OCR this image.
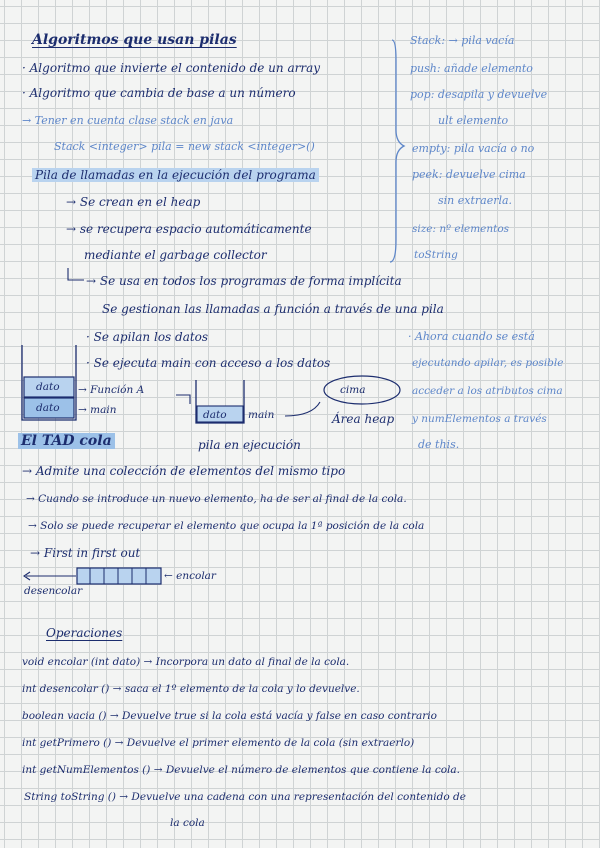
Algoritmos que usan pilas
· Algoritmo que invierte el contenido de un array
· Algoritmo que cambia de base a un número
→ Tener en cuenta clase stack en java
Stack <integer> pila = new stack <integer>()
Pila de llamadas en la ejecución del programa
→ Se crean en el heap
→ se recupera espacio automáticamente
mediante el garbage collector
→ Se usa en todos los programas de forma implícita
Se gestionan las llamadas a función a través de una pila
· Se apilan los datos
· Se ejecuta main con acceso a los datos
Stack: → pila vacía
push: añade elemento
pop: desapila y devuelve
ult elemento
empty: pila vacía o no
peek: devuelve cima
sin extraerla.
size: nº elementos
toString
· Ahora cuando se está
ejecutando apilar, es posible
acceder a los atributos cima
y numElementos a través
de this.
dato
dato
→ Función A
→ main	dato main
cima
Área heap
pila en ejecución
El TAD cola
→ Admite una colección de elementos del mismo tipo
→ Cuando se introduce un nuevo elemento, ha de ser al final de la cola.
→ Solo se puede recuperar el elemento que ocupa la 1ª posición de la cola
→ First in first out
← encolar
desencolar
Operaciones
void encolar (int dato) → Incorpora un dato al final de la cola.
int desencolar () → saca el 1º elemento de la cola y lo devuelve.
boolean vacia () → Devuelve true si la cola está vacía y false en caso contrario
int getPrimero () → Devuelve el primer elemento de la cola (sin extraerlo)
int getNumElementos () → Devuelve el número de elementos que contiene la cola.
String toString () → Devuelve una cadena con una representación del contenido de
la cola
